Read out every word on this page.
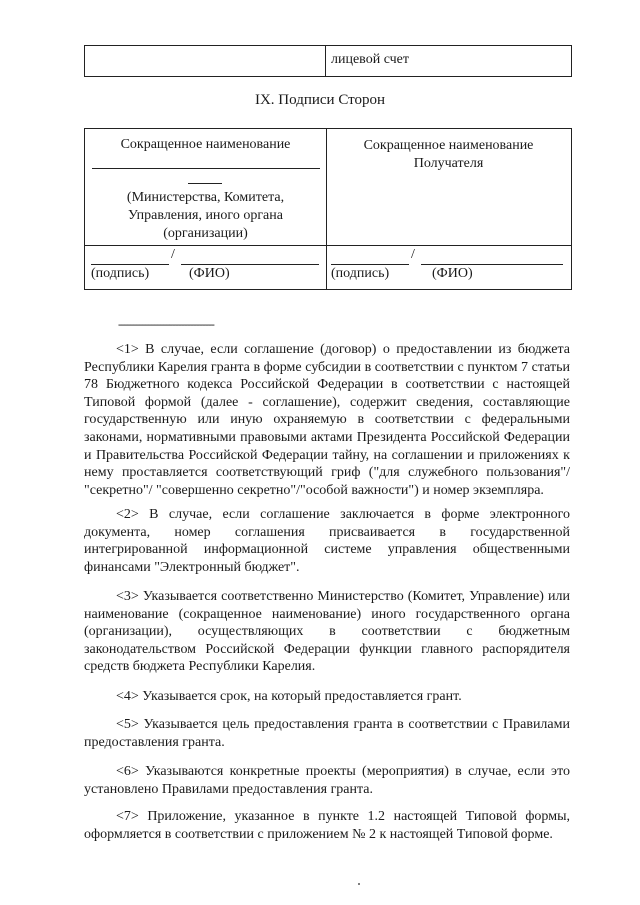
лицевой счет
IX. Подписи Сторон
Сокращенное наименование
(Министерства, Комитета,
Управления, иного органа
(организации)
Сокращенное наименование
Получателя
/
(подпись)	(ФИО)
/
(подпись)	(ФИО)
--------------------------------
<1> В случае, если соглашение (договор) о предоставлении из бюджета Республики Карелия гранта в форме субсидии в соответствии с пунктом 7 статьи 78 Бюджетного кодекса Российской Федерации в соответствии с настоящей Типовой формой (далее - соглашение), содержит сведения, составляющие государственную или иную охраняемую в соответствии с федеральными законами, нормативными правовыми актами Президента Российской Федерации и Правительства Российской Федерации тайну, на соглашении и приложениях к нему проставляется соответствующий гриф ("для служебного пользования"/ "секретно"/ "совершенно секретно"/"особой важности") и номер экземпляра.
<2> В случае, если соглашение заключается в форме электронного документа, номер соглашения присваивается в государственной интегрированной информационной системе управления общественными финансами "Электронный бюджет".
<3> Указывается соответственно Министерство (Комитет, Управление) или наименование (сокращенное наименование) иного государственного органа (организации), осуществляющих в соответствии с бюджетным законодательством Российской Федерации функции главного распорядителя средств бюджета Республики Карелия.
<4> Указывается срок, на который предоставляется грант.
<5> Указывается цель предоставления гранта в соответствии с Правилами предоставления гранта.
<6> Указываются конкретные проекты (мероприятия) в случае, если это установлено Правилами предоставления гранта.
<7> Приложение, указанное в пункте 1.2 настоящей Типовой формы, оформляется в соответствии с приложением № 2 к настоящей Типовой форме.
